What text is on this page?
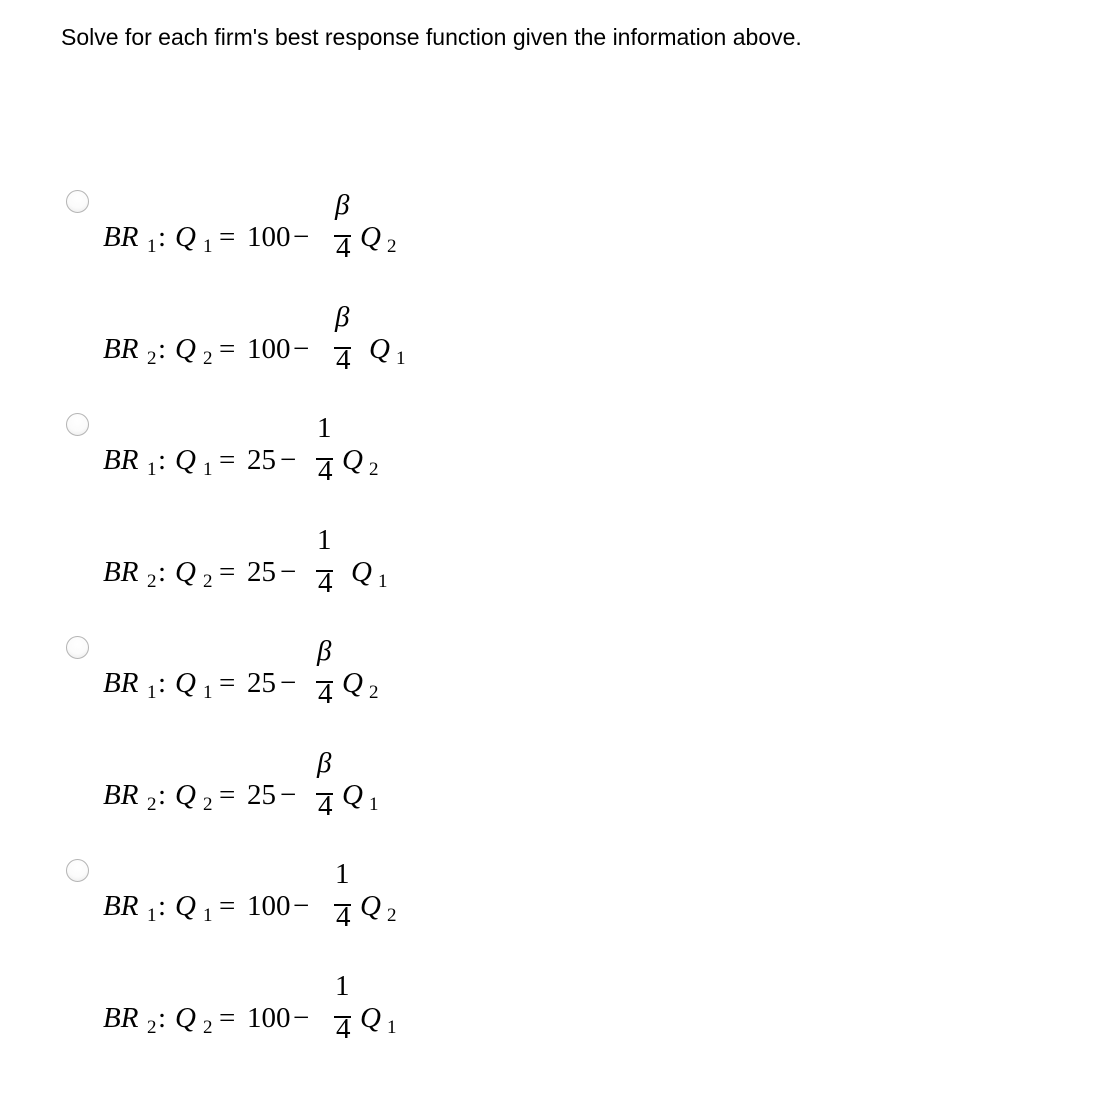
Solve for each firm's best response function given the information above.
BR 1 : Q 1 = 100 −
β
4 Q 2
BR 2 : Q 2 = 100 −
β
4 Q 1
BR 1 : Q 1 = 25 −
1
4 Q 2
BR 2 : Q 2 = 25 −
1
4 Q 1
BR 1 : Q 1 = 25 −
β
4 Q 2
BR 2 : Q 2 = 25 −
β
4 Q 1
BR 1 : Q 1 = 100 −
1
4 Q 2
BR 2 : Q 2 = 100 −
1
4 Q 1
